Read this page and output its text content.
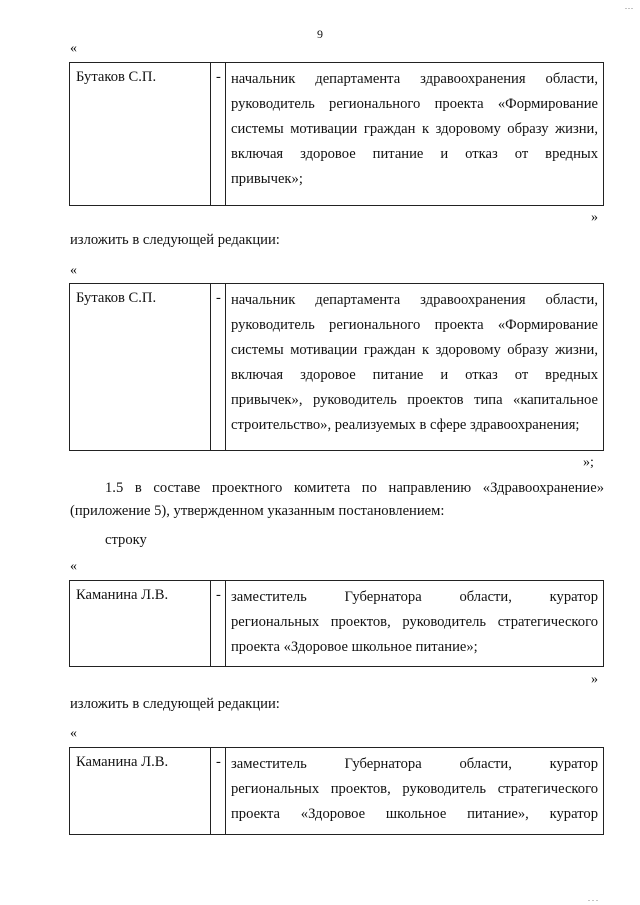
...
9
«
Бутаков С.П.	- начальник департамента здравоохранения области,
руководитель регионального проекта «Формирование
системы мотивации граждан к здоровому образу жизни,
включая здоровое питание и отказ от вредных
привычек»;
»
изложить в следующей редакции:
«
Бутаков С.П.	- начальник департамента здравоохранения области,
руководитель регионального проекта «Формирование
системы мотивации граждан к здоровому образу жизни,
включая здоровое питание и отказ от вредных
привычек», руководитель проектов типа «капитальное
строительство», реализуемых в сфере здравоохранения;
»;
1.5 в составе проектного комитета по направлению «Здравоохранение»
(приложение 5), утвержденном указанным постановлением:
строку
«
Каманина Л.В.	- заместитель Губернатора области, куратор
региональных проектов, руководитель стратегического
проекта «Здоровое школьное питание»;
»
изложить в следующей редакции:
«
Каманина Л.В.	- заместитель Губернатора области, куратор
региональных проектов, руководитель стратегического
проекта «Здоровое школьное питание», куратор
...
